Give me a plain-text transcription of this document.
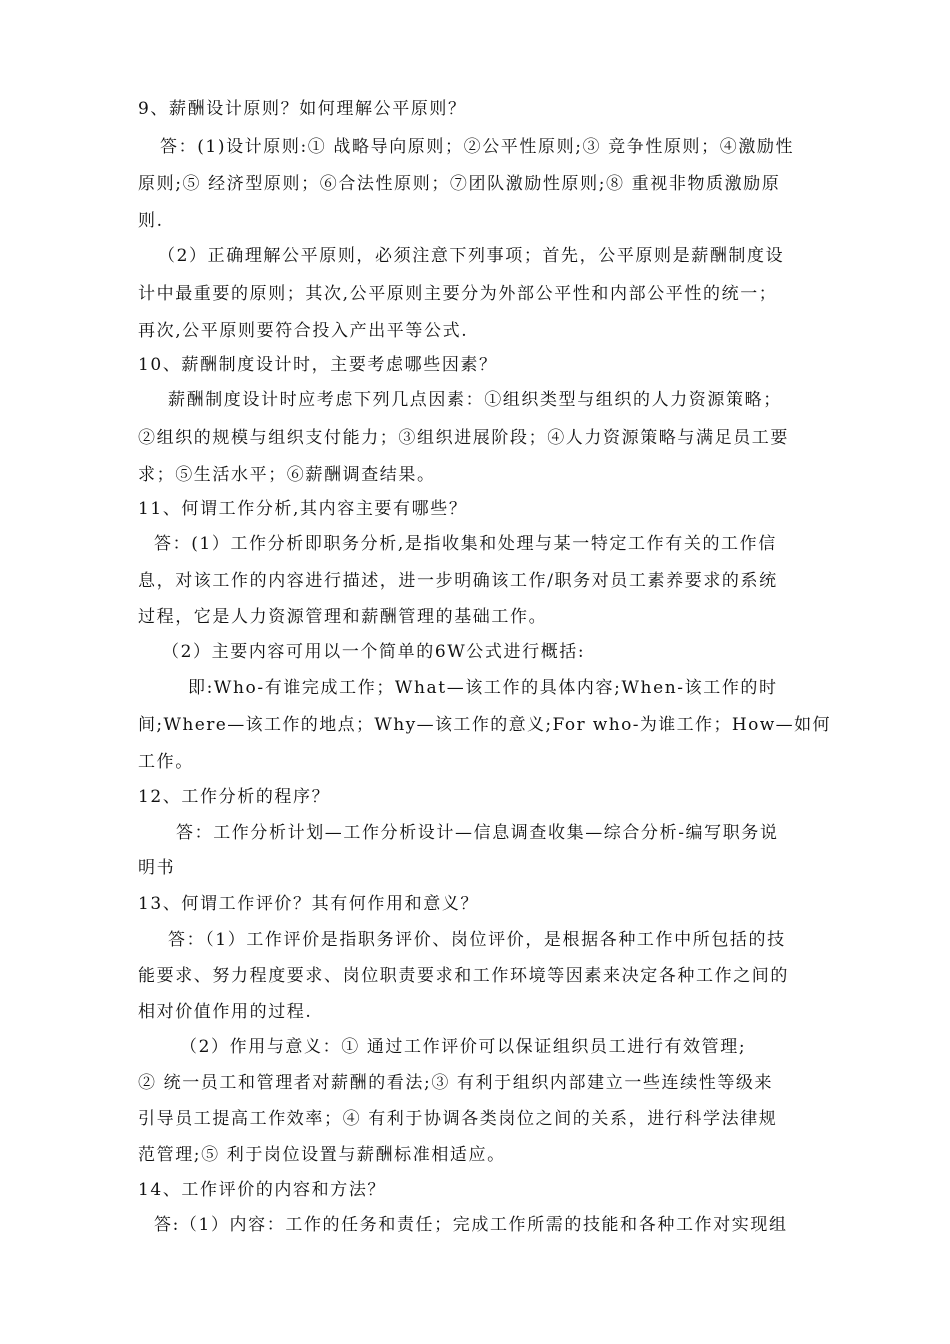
9、薪酬设计原则？如何理解公平原则？
答：(1)设计原则:① 战略导向原则；②公平性原则;③ 竞争性原则；④激励性
原则;⑤ 经济型原则；⑥合法性原则；⑦团队激励性原则;⑧ 重视非物质激励原
则.
（2）正确理解公平原则，必须注意下列事项；首先，公平原则是薪酬制度设
计中最重要的原则；其次,公平原则主要分为外部公平性和内部公平性的统一；
再次,公平原则要符合投入产出平等公式.
10、薪酬制度设计时，主要考虑哪些因素？
薪酬制度设计时应考虑下列几点因素：①组织类型与组织的人力资源策略；
②组织的规模与组织支付能力；③组织进展阶段；④人力资源策略与满足员工要
求；⑤生活水平；⑥薪酬调查结果。
11、何谓工作分析,其内容主要有哪些？
答：(1）工作分析即职务分析,是指收集和处理与某一特定工作有关的工作信
息，对该工作的内容进行描述，进一步明确该工作/职务对员工素养要求的系统
过程，它是人力资源管理和薪酬管理的基础工作。
（2）主要内容可用以一个简单的6W公式进行概括:
即:Who-有谁完成工作；What—该工作的具体内容;When-该工作的时
间;Where—该工作的地点；Why—该工作的意义;For who-为谁工作；How—如何
工作。
12、工作分析的程序？
答：工作分析计划—工作分析设计—信息调查收集—综合分析-编写职务说
明书
13、何谓工作评价？其有何作用和意义？
答：（1）工作评价是指职务评价、岗位评价，是根据各种工作中所包括的技
能要求、努力程度要求、岗位职责要求和工作环境等因素来决定各种工作之间的
相对价值作用的过程.
（2）作用与意义：① 通过工作评价可以保证组织员工进行有效管理;
② 统一员工和管理者对薪酬的看法;③ 有利于组织内部建立一些连续性等级来
引导员工提高工作效率；④ 有利于协调各类岗位之间的关系，进行科学法律规
范管理;⑤ 利于岗位设置与薪酬标准相适应。
14、工作评价的内容和方法？
答:（1）内容：工作的任务和责任；完成工作所需的技能和各种工作对实现组
